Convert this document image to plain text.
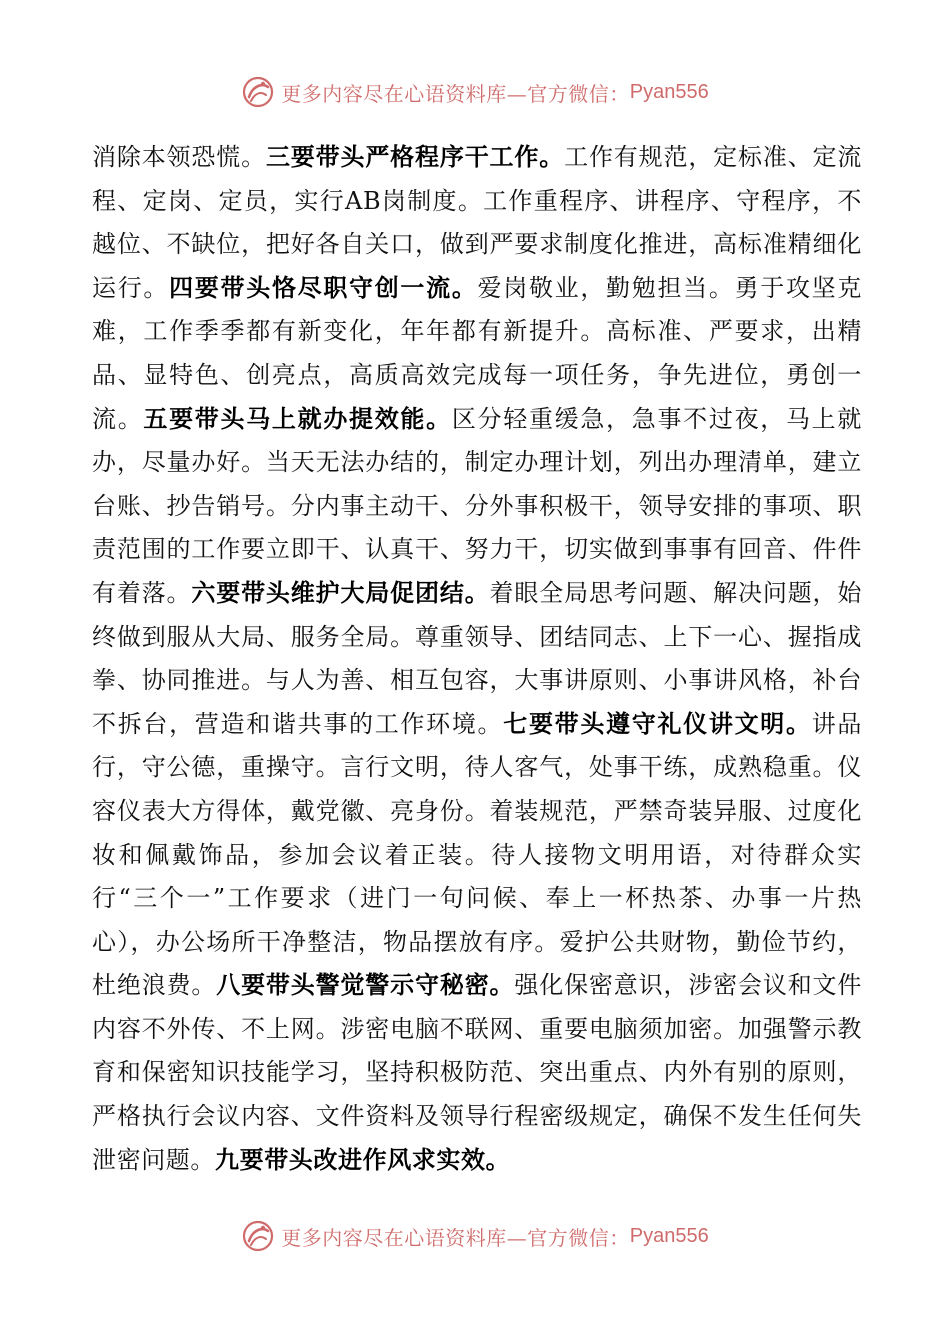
更多内容尽在心语资料库—官方微信： Pyan556
消除本领恐慌。三要带头严格程序干工作。工作有规范，定标准、定流程、定岗、定员，实行AB岗制度。工作重程序、讲程序、守程序，不越位、不缺位，把好各自关口，做到严要求制度化推进，高标准精细化运行。四要带头恪尽职守创一流。爱岗敬业，勤勉担当。勇于攻坚克难，工作季季都有新变化，年年都有新提升。高标准、严要求，出精品、显特色、创亮点，高质高效完成每一项任务，争先进位，勇创一流。五要带头马上就办提效能。区分轻重缓急，急事不过夜，马上就办，尽量办好。当天无法办结的，制定办理计划，列出办理清单，建立台账、抄告销号。分内事主动干、分外事积极干，领导安排的事项、职责范围的工作要立即干、认真干、努力干，切实做到事事有回音、件件有着落。六要带头维护大局促团结。着眼全局思考问题、解决问题，始终做到服从大局、服务全局。尊重领导、团结同志、上下一心、握指成拳、协同推进。与人为善、相互包容，大事讲原则、小事讲风格，补台不拆台，营造和谐共事的工作环境。七要带头遵守礼仪讲文明。讲品行，守公德，重操守。言行文明，待人客气，处事干练，成熟稳重。仪容仪表大方得体，戴党徽、亮身份。着装规范，严禁奇装异服、过度化妆和佩戴饰品，参加会议着正装。待人接物文明用语，对待群众实行“三个一”工作要求（进门一句问候、奉上一杯热茶、办事一片热心），办公场所干净整洁，物品摆放有序。爱护公共财物，勤俭节约，杜绝浪费。八要带头警觉警示守秘密。强化保密意识，涉密会议和文件内容不外传、不上网。涉密电脑不联网、重要电脑须加密。加强警示教育和保密知识技能学习，坚持积极防范、突出重点、内外有别的原则，严格执行会议内容、文件资料及领导行程密级规定，确保不发生任何失泄密问题。九要带头改进作风求实效。
更多内容尽在心语资料库—官方微信： Pyan556
